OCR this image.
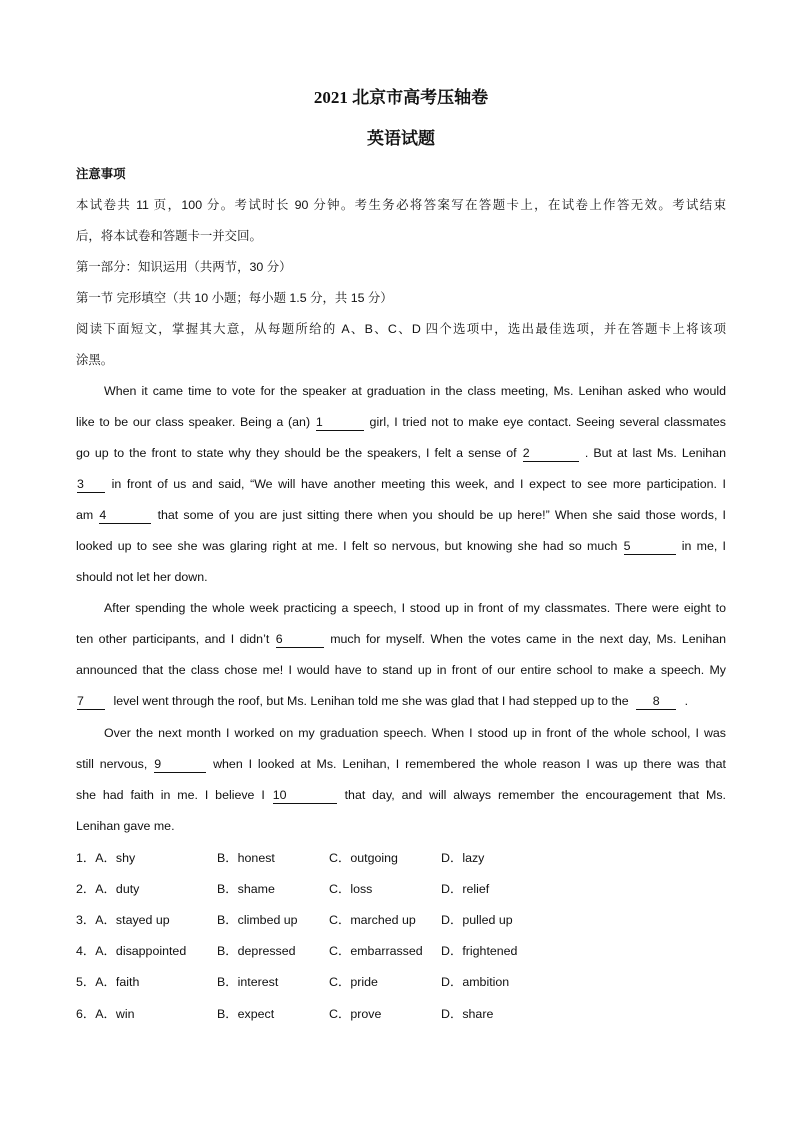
2021 北京市高考压轴卷
英语试题
注意事项
本试卷共 11 页，100 分。考试时长 90 分钟。考生务必将答案写在答题卡上，在试卷上作答无效。考试结束
后，将本试卷和答题卡一并交回。
第一部分：知识运用（共两节，30 分）
第一节 完形填空（共 10 小题；每小题 1.5 分，共 15 分）
阅读下面短文，掌握其大意，从每题所给的 A、B、C、D 四个选项中，选出最佳选项，并在答题卡上将该项
涂黑。
When it came time to vote for the speaker at graduation in the class meeting, Ms. Lenihan asked who would
like to be our class speaker. Being a (an) 1	girl, I tried not to make eye contact. Seeing several classmates
go up to the front to state why they should be the speakers, I felt a sense of 2	. But at last Ms. Lenihan
3 in front of us and said, “We will have another meeting this week, and I expect to see more participation. I
am 4	that some of you are just sitting there when you should be up here!” When she said those words, I
looked up to see she was glaring right at me. I felt so nervous, but knowing she had so much 5	in me, I
should not let her down.
After spending the whole week practicing a speech, I stood up in front of my classmates. There were eight to
ten other participants, and I didn’t 6	much for myself. When the votes came in the next day, Ms. Lenihan
announced that the class chose me! I would have to stand up in front of our entire school to make a speech. My
7 level went through the roof, but Ms. Lenihan told me she was glad that I had stepped up to the 8 .
Over the next month I worked on my graduation speech. When I stood up in front of the whole school, I was
still nervous, 9	when I looked at Ms. Lenihan, I remembered the whole reason I was up there was that
she had faith in me. I believe I 10	that day, and will always remember the encouragement that Ms.
Lenihan gave me.
1．A．shy	B．honest	C．outgoing	D．lazy
2．A．duty	B．shame	C．loss	D．relief
3．A．stayed up	B．climbed up	C．marched up D．pulled up
4．A．disappointed B．depressed	C．embarrassed D．frightened
5．A．faith	B．interest	C．pride	D．ambition
6．A．win	B．expect	C．prove	D．share
